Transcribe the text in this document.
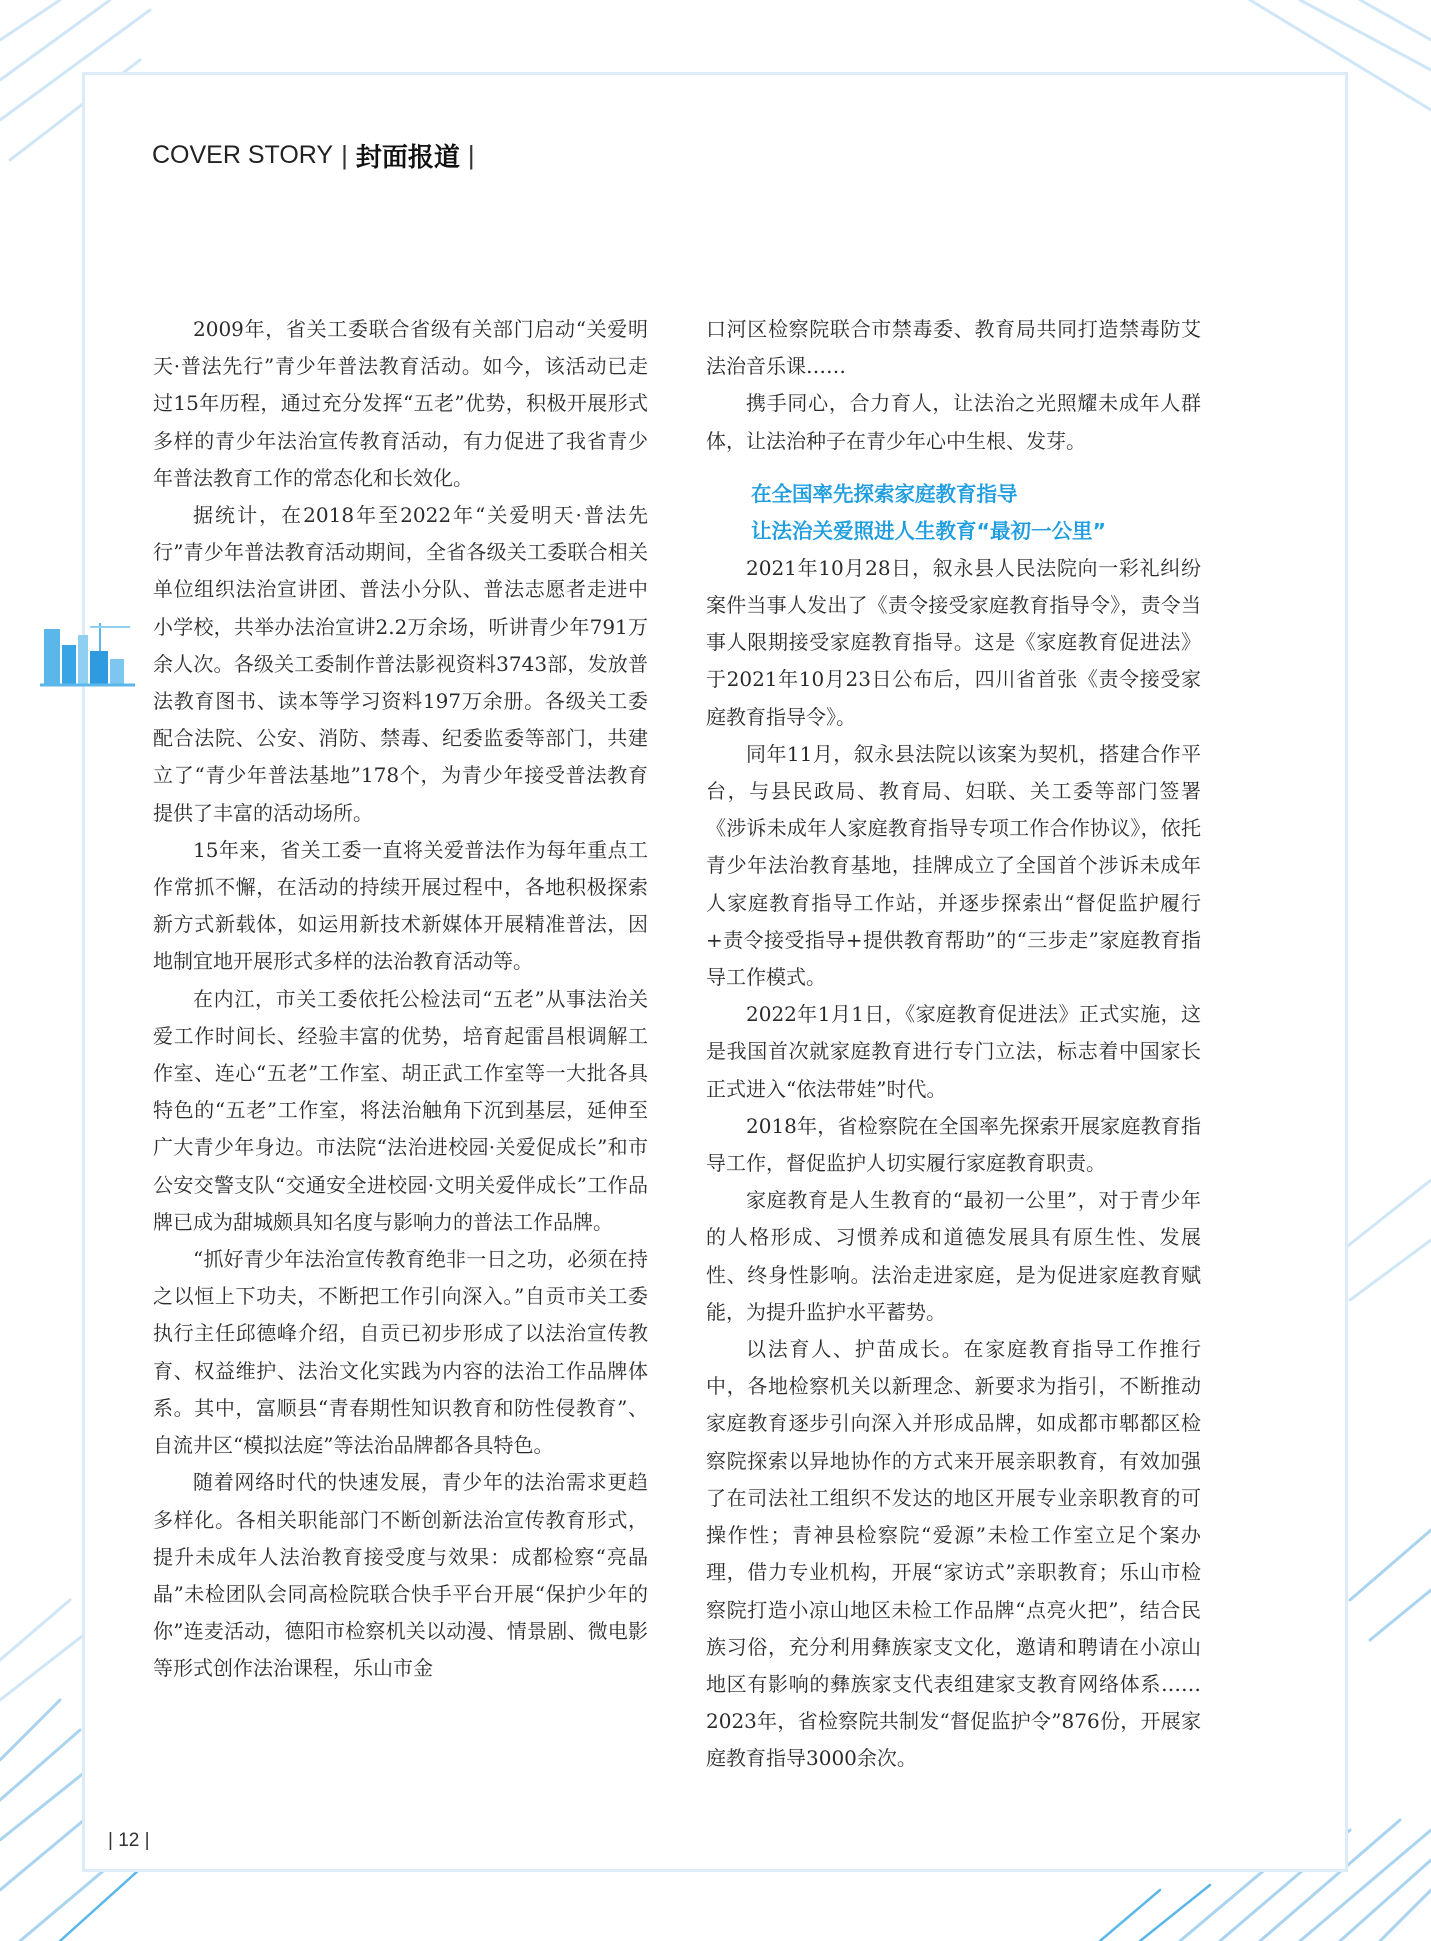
COVER STORY | 封面报道 |

2009年，省关工委联合省级有关部门启动“关爱明天·普法先行”青少年普法教育活动。如今，该活动已走过15年历程，通过充分发挥“五老”优势，积极开展形式多样的青少年法治宣传教育活动，有力促进了我省青少年普法教育工作的常态化和长效化。

据统计，在2018年至2022年“关爱明天·普法先行”青少年普法教育活动期间，全省各级关工委联合相关单位组织法治宣讲团、普法小分队、普法志愿者走进中小学校，共举办法治宣讲2.2万余场，听讲青少年791万余人次。各级关工委制作普法影视资料3743部，发放普法教育图书、读本等学习资料197万余册。各级关工委配合法院、公安、消防、禁毒、纪委监委等部门，共建立了“青少年普法基地”178个，为青少年接受普法教育提供了丰富的活动场所。

15年来，省关工委一直将关爱普法作为每年重点工作常抓不懈，在活动的持续开展过程中，各地积极探索新方式新载体，如运用新技术新媒体开展精准普法，因地制宜地开展形式多样的法治教育活动等。

在内江，市关工委依托公检法司“五老”从事法治关爱工作时间长、经验丰富的优势，培育起雷昌根调解工作室、连心“五老”工作室、胡正武工作室等一大批各具特色的“五老”工作室，将法治触角下沉到基层，延伸至广大青少年身边。市法院“法治进校园·关爱促成长”和市公安交警支队“交通安全进校园·文明关爱伴成长”工作品牌已成为甜城颇具知名度与影响力的普法工作品牌。

“抓好青少年法治宣传教育绝非一日之功，必须在持之以恒上下功夫，不断把工作引向深入。”自贡市关工委执行主任邱德峰介绍，自贡已初步形成了以法治宣传教育、权益维护、法治文化实践为内容的法治工作品牌体系。其中，富顺县“青春期性知识教育和防性侵教育”、自流井区“模拟法庭”等法治品牌都各具特色。

随着网络时代的快速发展，青少年的法治需求更趋多样化。各相关职能部门不断创新法治宣传教育形式，提升未成年人法治教育接受度与效果：成都检察“亮晶晶”未检团队会同高检院联合快手平台开展“保护少年的你”连麦活动，德阳市检察机关以动漫、情景剧、微电影等形式创作法治课程，乐山市金

口河区检察院联合市禁毒委、教育局共同打造禁毒防艾法治音乐课……

携手同心，合力育人，让法治之光照耀未成年人群体，让法治种子在青少年心中生根、发芽。

在全国率先探索家庭教育指导
让法治关爱照进人生教育“最初一公里”

2021年10月28日，叙永县人民法院向一彩礼纠纷案件当事人发出了《责令接受家庭教育指导令》，责令当事人限期接受家庭教育指导。这是《家庭教育促进法》于2021年10月23日公布后，四川省首张《责令接受家庭教育指导令》。

同年11月，叙永县法院以该案为契机，搭建合作平台，与县民政局、教育局、妇联、关工委等部门签署《涉诉未成年人家庭教育指导专项工作合作协议》，依托青少年法治教育基地，挂牌成立了全国首个涉诉未成年人家庭教育指导工作站，并逐步探索出“督促监护履行+责令接受指导+提供教育帮助”的“三步走”家庭教育指导工作模式。

2022年1月1日，《家庭教育促进法》正式实施，这是我国首次就家庭教育进行专门立法，标志着中国家长正式进入“依法带娃”时代。

2018年，省检察院在全国率先探索开展家庭教育指导工作，督促监护人切实履行家庭教育职责。

家庭教育是人生教育的“最初一公里”，对于青少年的人格形成、习惯养成和道德发展具有原生性、发展性、终身性影响。法治走进家庭，是为促进家庭教育赋能，为提升监护水平蓄势。

以法育人、护苗成长。在家庭教育指导工作推行中，各地检察机关以新理念、新要求为指引，不断推动家庭教育逐步引向深入并形成品牌，如成都市郫都区检察院探索以异地协作的方式来开展亲职教育，有效加强了在司法社工组织不发达的地区开展专业亲职教育的可操作性；青神县检察院“爱源”未检工作室立足个案办理，借力专业机构，开展“家访式”亲职教育；乐山市检察院打造小凉山地区未检工作品牌“点亮火把”，结合民族习俗，充分利用彝族家支文化，邀请和聘请在小凉山地区有影响的彝族家支代表组建家支教育网络体系……2023年，省检察院共制发“督促监护令”876份，开展家庭教育指导3000余次。

| 12 |
